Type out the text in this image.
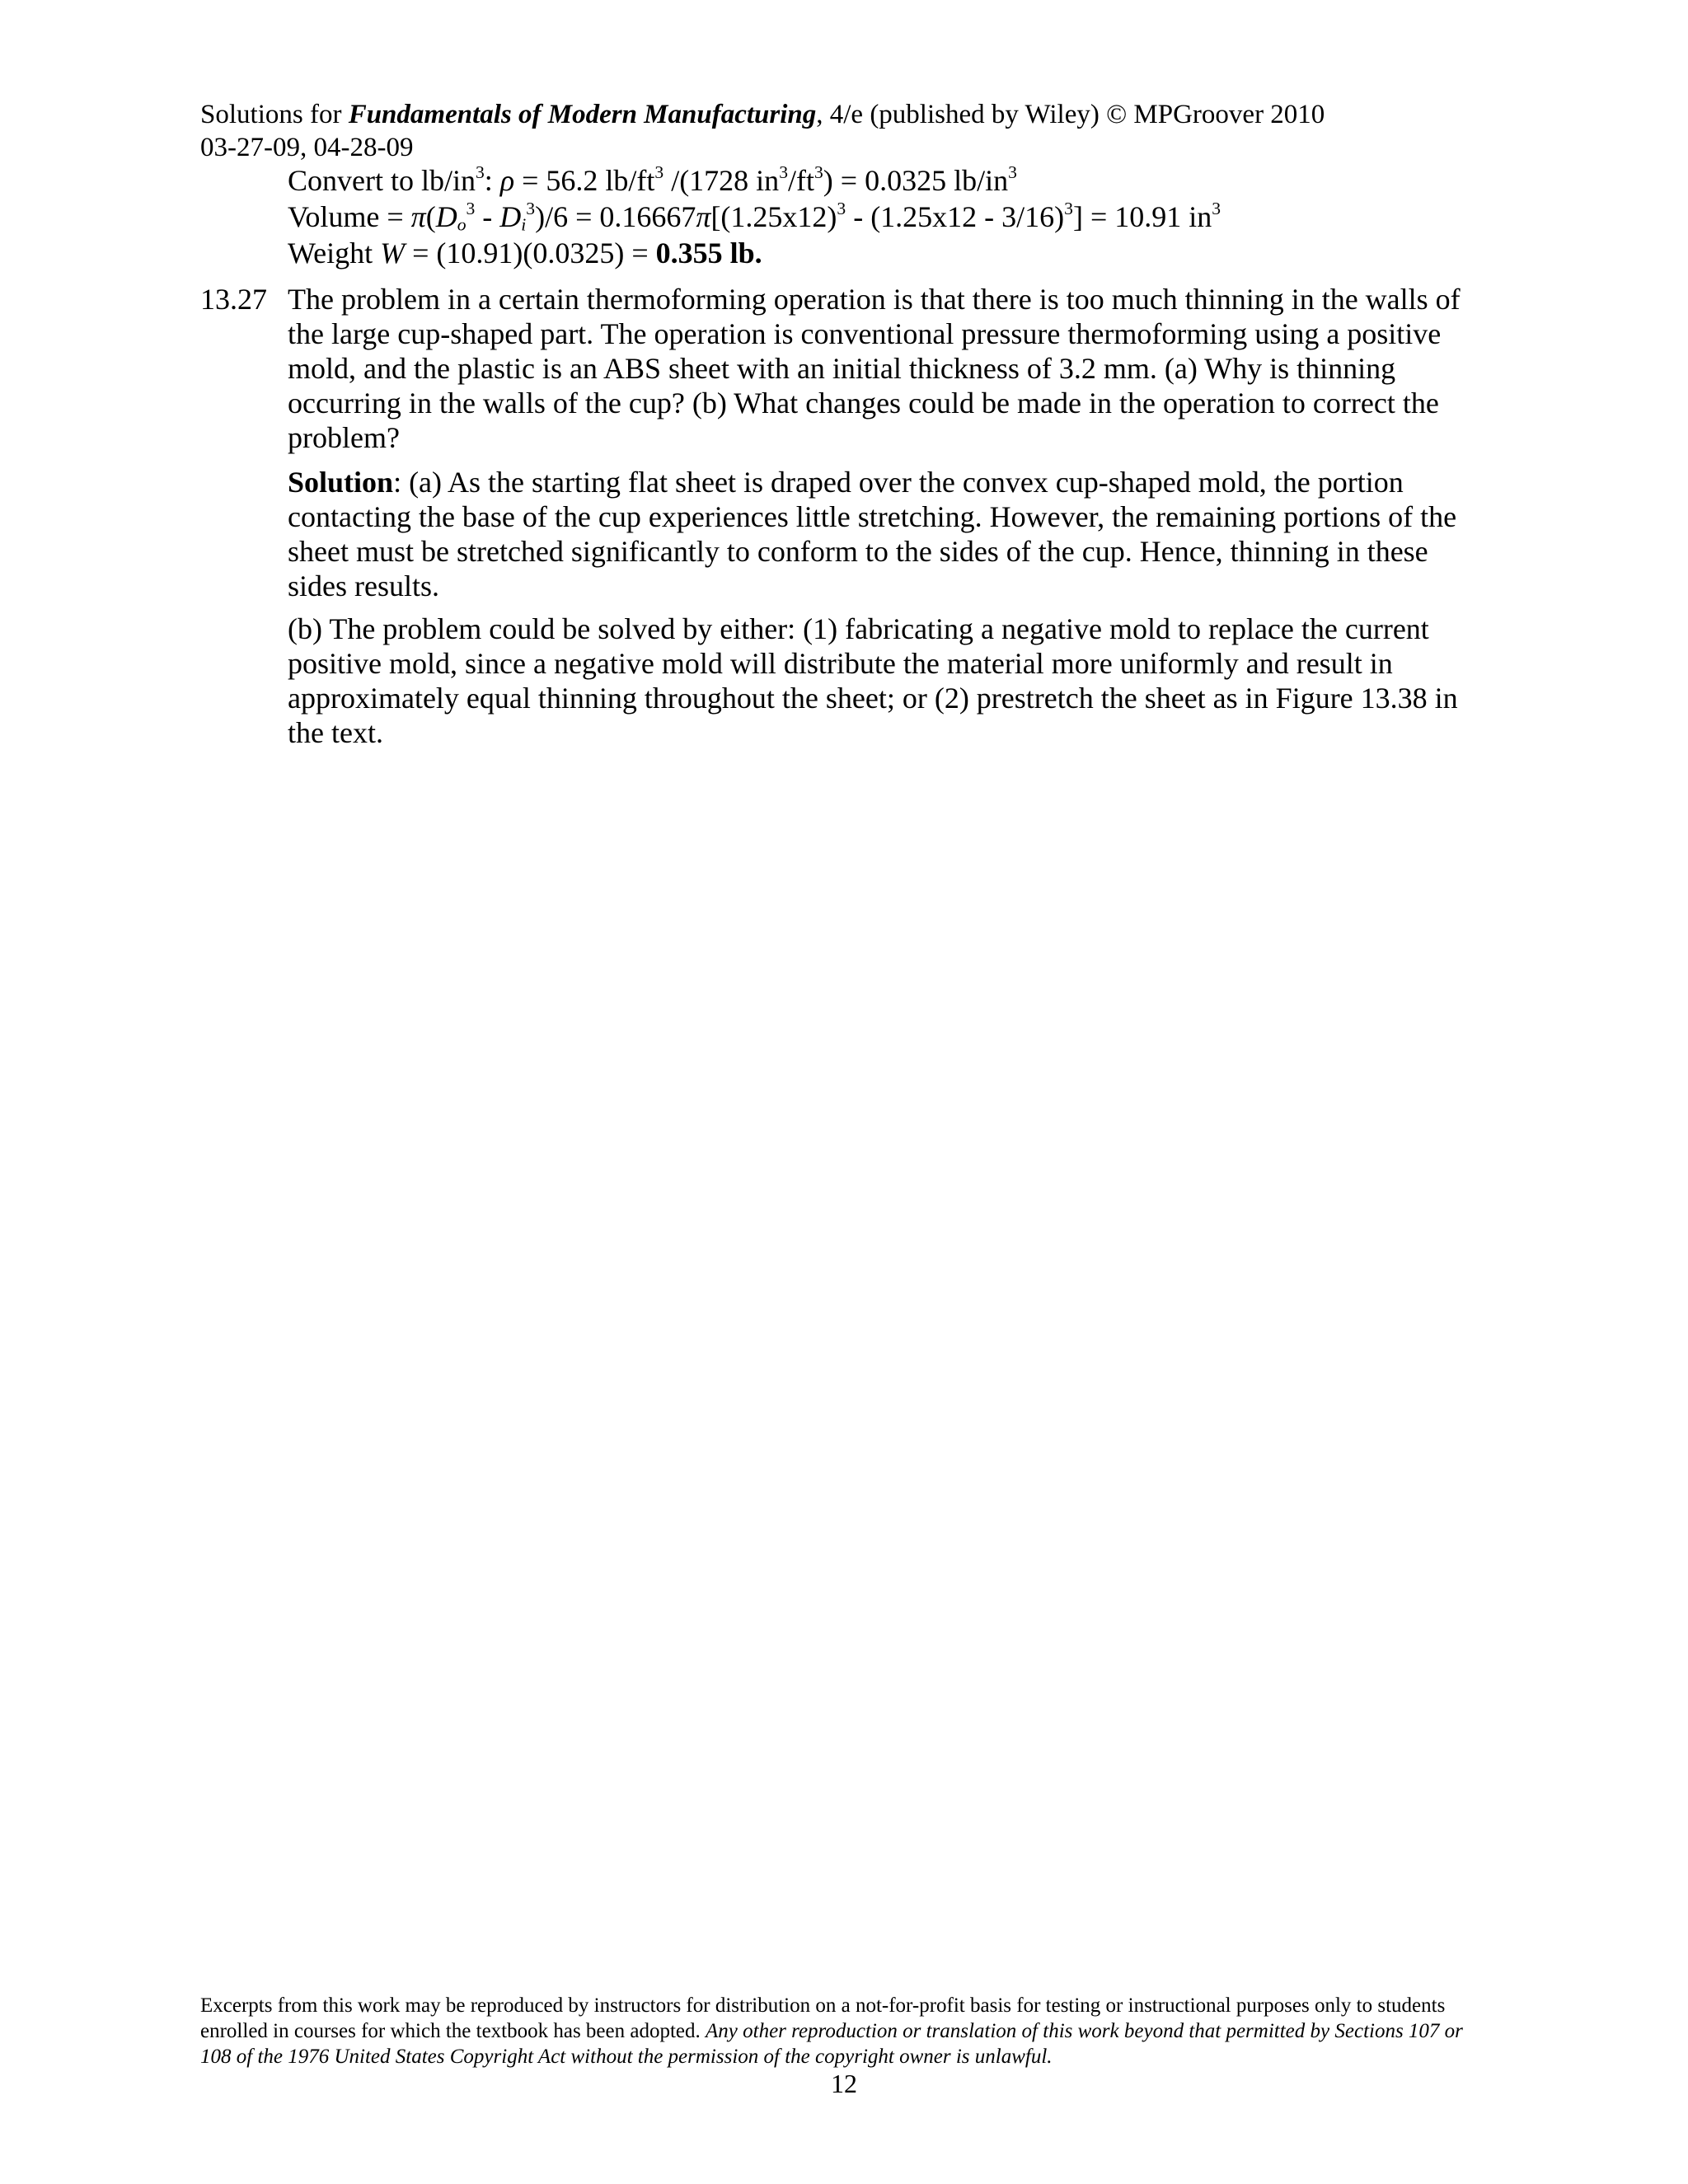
Solutions for Fundamentals of Modern Manufacturing, 4/e (published by Wiley) © MPGroover 2010
03-27-09, 04-28-09
Convert to $lb/in^3$: ρ = 56.2 $lb/ft^3$ /(1728 $in^3/ft^3) = 0.0325$ $lb/in^3$
Volume = $\pi(D_o^3 - D_i^3)/6 = 0.16667\pi[(1.25x12)^3 - (1.25x12 - 3/16)^3] = 10.91$ $in^3$
Weight W = (10.91)(0.0325) = 0.355 lb.
13.27 The problem in a certain thermoforming operation is that there is too much thinning in the walls of the large cup-shaped part. The operation is conventional pressure thermoforming using a positive mold, and the plastic is an ABS sheet with an initial thickness of 3.2 mm. (a) Why is thinning occurring in the walls of the cup? (b) What changes could be made in the operation to correct the problem?

Solution: (a) As the starting flat sheet is draped over the convex cup-shaped mold, the portion contacting the base of the cup experiences little stretching. However, the remaining portions of the sheet must be stretched significantly to conform to the sides of the cup. Hence, thinning in these sides results.

(b) The problem could be solved by either: (1) fabricating a negative mold to replace the current positive mold, since a negative mold will distribute the material more uniformly and result in approximately equal thinning throughout the sheet; or (2) prestretch the sheet as in Figure 13.38 in the text.

Excerpts from this work may be reproduced by instructors for distribution on a not-for-profit basis for testing or instructional purposes only to students enrolled in courses for which the textbook has been adopted. Any other reproduction or translation of this work beyond that permitted by Sections 107 or 108 of the 1976 United States Copyright Act without the permission of the copyright owner is unlawful.
12
